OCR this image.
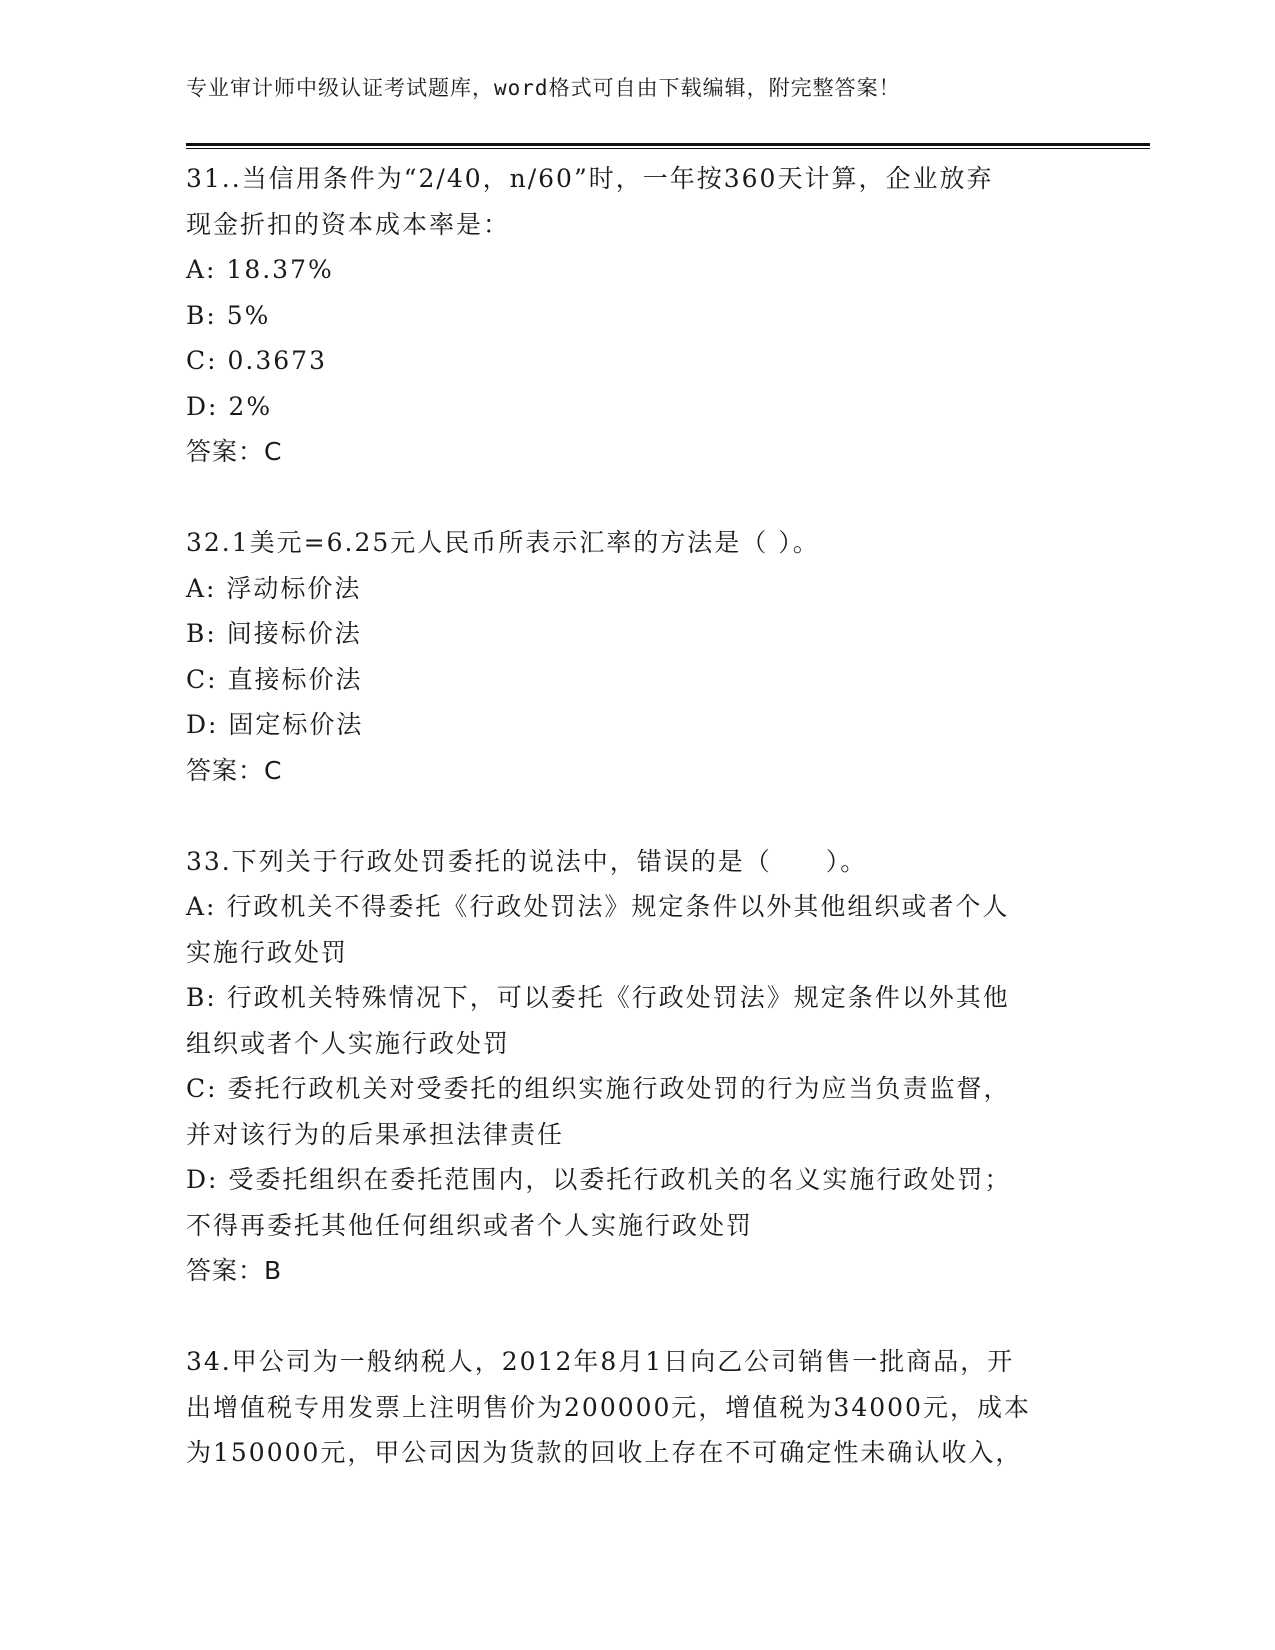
专业审计师中级认证考试题库，word格式可自由下载编辑，附完整答案！
31..当信用条件为“2/40，n/60”时，一年按360天计算，企业放弃
现金折扣的资本成本率是：
A: 18.37%
B: 5%
C: 0.3673
D: 2%
答案：C
32.1美元=6.25元人民币所表示汇率的方法是（ ）。
A: 浮动标价法
B: 间接标价法
C: 直接标价法
D: 固定标价法
答案：C
33.下列关于行政处罚委托的说法中，错误的是（　　）。
A: 行政机关不得委托《行政处罚法》规定条件以外其他组织或者个人
实施行政处罚
B: 行政机关特殊情况下，可以委托《行政处罚法》规定条件以外其他
组织或者个人实施行政处罚
C: 委托行政机关对受委托的组织实施行政处罚的行为应当负责监督，
并对该行为的后果承担法律责任
D: 受委托组织在委托范围内，以委托行政机关的名义实施行政处罚；
不得再委托其他任何组织或者个人实施行政处罚
答案：B
34.甲公司为一般纳税人，2012年8月1日向乙公司销售一批商品，开
出增值税专用发票上注明售价为200000元，增值税为34000元，成本
为150000元，甲公司因为货款的回收上存在不可确定性未确认收入，
